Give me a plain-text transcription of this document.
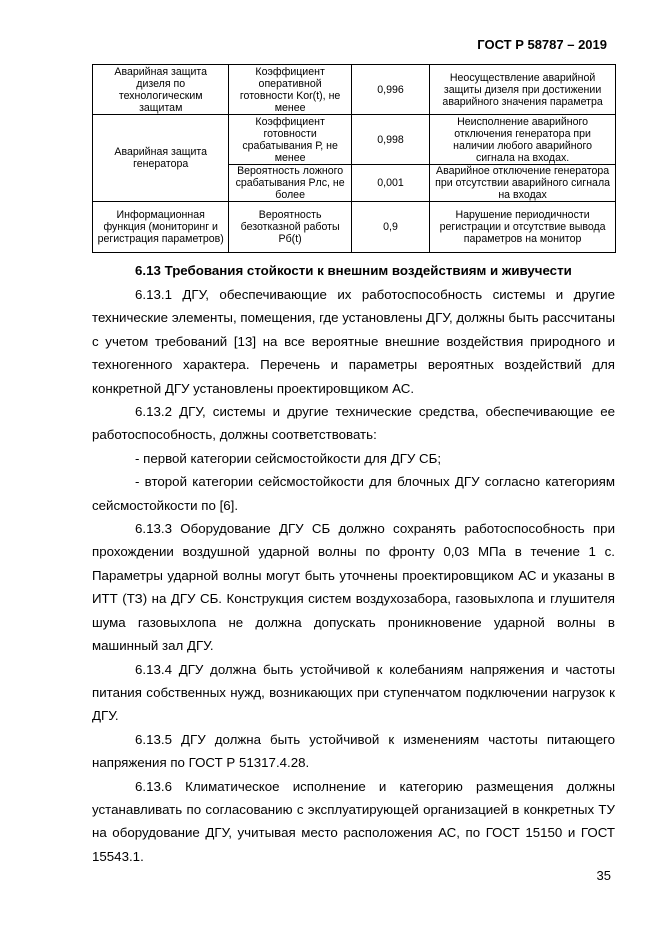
ГОСТ Р 58787 – 2019
Аварийная защита дизеля по технологическим защитам	Коэффициент оперативной готовности Kor(t), не менее	0,996	Неосуществление аварийной защиты дизеля при достижении аварийного значения параметра
Аварийная защита генератора	Коэффициент готовности срабатывания Р, не менее	0,998	Неисполнение аварийного отключения генератора при наличии любого аварийного сигнала на входах.
	Вероятность ложного срабатывания Рлс, не более	0,001	Аварийное отключение генератора при отсутствии аварийного сигнала на входах
Информационная функция (мониторинг и регистрация параметров)	Вероятность безотказной работы Рб(t)	0,9	Нарушение периодичности регистрации и отсутствие вывода параметров на монитор
6.13 Требования стойкости к внешним воздействиям и живучести

6.13.1 ДГУ, обеспечивающие их работоспособность системы и другие технические элементы, помещения, где установлены ДГУ, должны быть рассчитаны с учетом требований [13] на все вероятные внешние воздействия природного и техногенного характера. Перечень и параметры вероятных воздействий для конкретной ДГУ установлены проектировщиком АС.

6.13.2 ДГУ, системы и другие технические средства, обеспечивающие ее работоспособность, должны соответствовать:

- первой категории сейсмостойкости для ДГУ СБ;

- второй категории сейсмостойкости для блочных ДГУ согласно категориям сейсмостойкости по [6].

6.13.3 Оборудование ДГУ СБ должно сохранять работоспособность при прохождении воздушной ударной волны по фронту 0,03 МПа в течение 1 с. Параметры ударной волны могут быть уточнены проектировщиком АС и указаны в ИТТ (ТЗ) на ДГУ СБ. Конструкция систем воздухозабора, газовыхлопа и глушителя шума газовыхлопа не должна допускать проникновение ударной волны в машинный зал ДГУ.

6.13.4 ДГУ должна быть устойчивой к колебаниям напряжения и частоты питания собственных нужд, возникающих при ступенчатом подключении нагрузок к ДГУ.

6.13.5 ДГУ должна быть устойчивой к изменениям частоты питающего напряжения по ГОСТ Р 51317.4.28.

6.13.6 Климатическое исполнение и категорию размещения должны устанавливать по согласованию с эксплуатирующей организацией в конкретных ТУ на оборудование ДГУ, учитывая место расположения АС, по ГОСТ 15150 и ГОСТ 15543.1.

35
